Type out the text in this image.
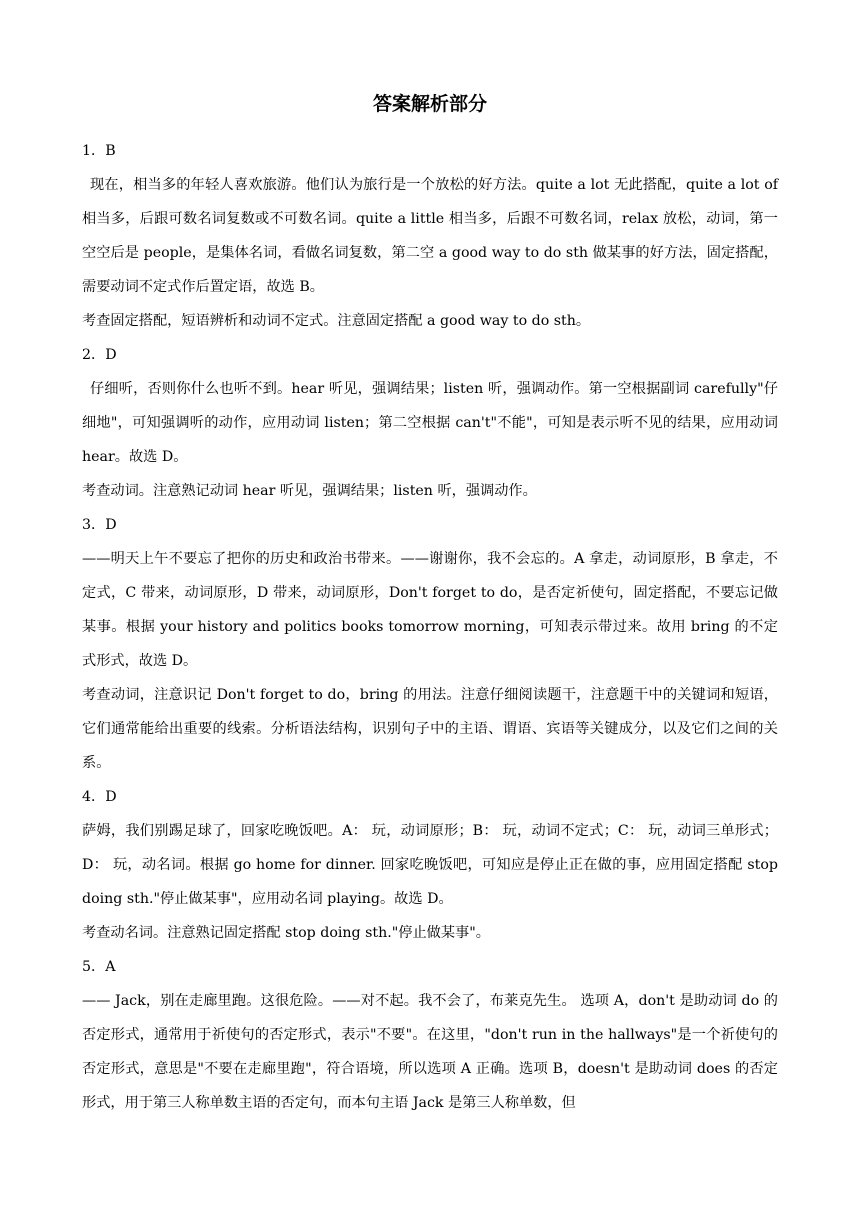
答案解析部分
1．B

现在，相当多的年轻人喜欢旅游。他们认为旅行是一个放松的好方法。quite a lot 无此搭配，quite a lot of 相当多，后跟可数名词复数或不可数名词。quite a little 相当多，后跟不可数名词，relax 放松，动词，第一空空后是 people，是集体名词，看做名词复数，第二空 a good way to do sth 做某事的好方法，固定搭配，需要动词不定式作后置定语，故选 B。

考查固定搭配，短语辨析和动词不定式。注意固定搭配 a good way to do sth。

2．D

仔细听，否则你什么也听不到。hear 听见，强调结果；listen 听，强调动作。第一空根据副词 carefully"仔细地"，可知强调听的动作，应用动词 listen；第二空根据 can't"不能"，可知是表示听不见的结果，应用动词 hear。故选 D。

考查动词。注意熟记动词 hear 听见，强调结果；listen 听，强调动作。

3．D

——明天上午不要忘了把你的历史和政治书带来。——谢谢你，我不会忘的。A 拿走，动词原形，B 拿走，不定式，C 带来，动词原形，D 带来，动词原形，Don't forget to do，是否定祈使句，固定搭配，不要忘记做某事。根据 your history and politics books tomorrow morning，可知表示带过来。故用 bring 的不定式形式，故选 D。

考查动词，注意识记 Don't forget to do，bring 的用法。注意仔细阅读题干，注意题干中的关键词和短语，它们通常能给出重要的线索。分析语法结构，识别句子中的主语、谓语、宾语等关键成分，以及它们之间的关系。

4．D

萨姆，我们别踢足球了，回家吃晚饭吧。A： 玩，动词原形；B： 玩，动词不定式；C： 玩，动词三单形式；D： 玩，动名词。根据 go home for dinner. 回家吃晚饭吧，可知应是停止正在做的事，应用固定搭配 stop doing sth."停止做某事"，应用动名词 playing。故选 D。

考查动名词。注意熟记固定搭配 stop doing sth."停止做某事"。

5．A

—— Jack，别在走廊里跑。这很危险。——对不起。我不会了，布莱克先生。 选项 A，don't 是助动词 do 的否定形式，通常用于祈使句的否定形式，表示"不要"。在这里，"don't run in the hallways"是一个祈使句的否定形式，意思是"不要在走廊里跑"，符合语境，所以选项 A 正确。选项 B，doesn't 是助动词 does 的否定形式，用于第三人称单数主语的否定句，而本句主语 Jack 是第三人称单数，但
